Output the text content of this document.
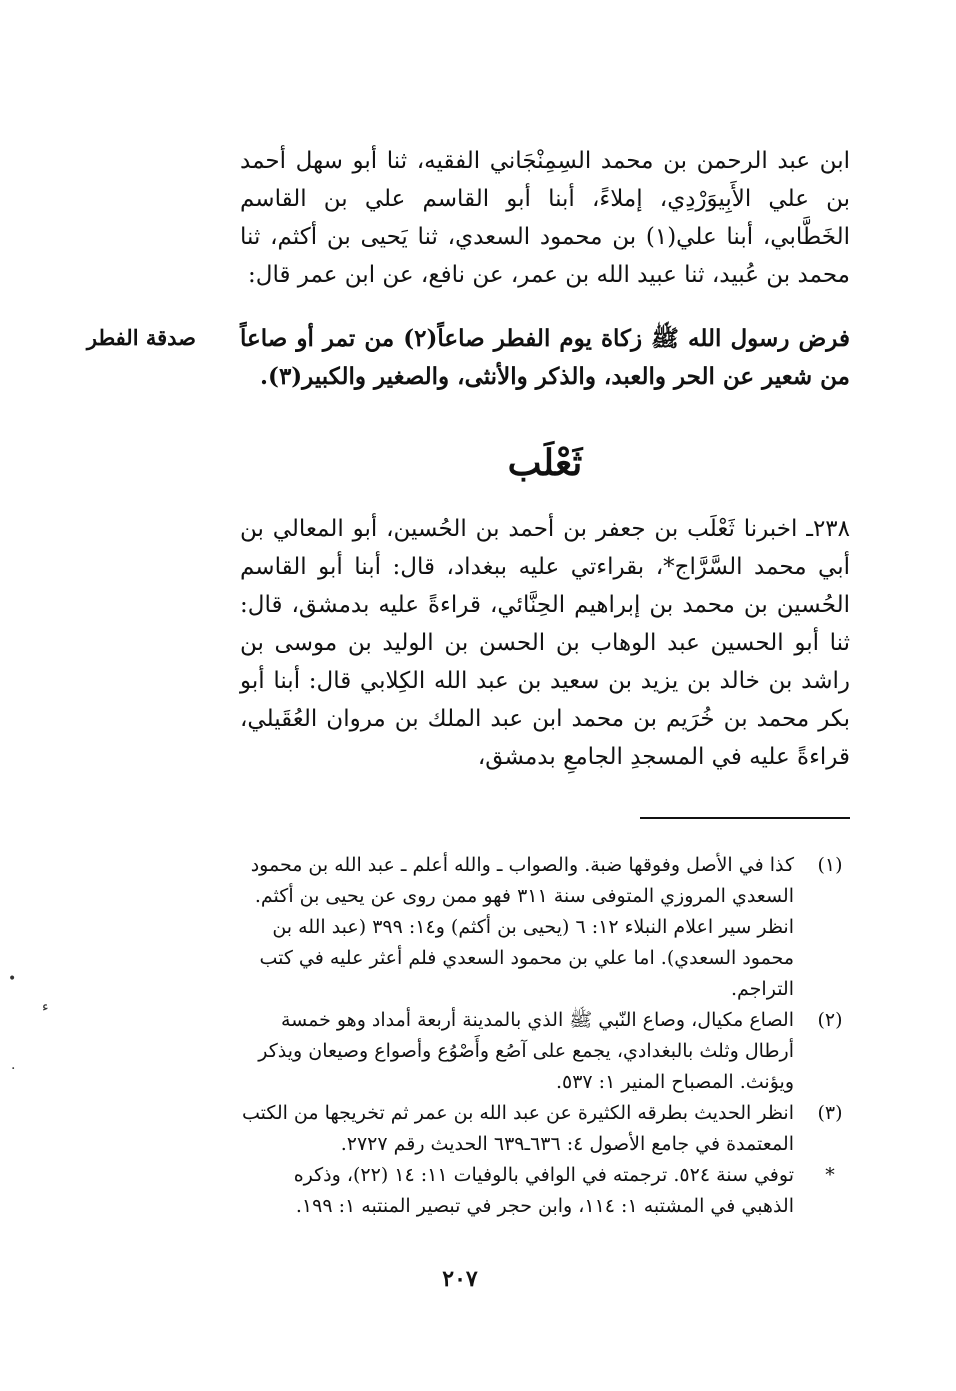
ابن عبد الرحمن بن محمد السِمِنْجَاني الفقيه، ثنا أبو سهل أحمد بن علي الأَبِيوَرْدِي، إملاءً، أبنا أبو القاسم علي بن القاسم الخَطَّابي، أبنا علي(١) بن محمود السعدي، ثنا يَحيى بن أكثم، ثنا محمد بن عُبيد، ثنا عبيد الله بن عمر، عن نافع، عن ابن عمر قال:

صدقة الفطر فرض رسول الله ﷺ زكاة يوم الفطر صاعاً(٢) من تمر أو صاعاً من شعير عن الحر والعبد، والذكر والأنثى، والصغير والكبير(٣).

ثَعْلَب

٢٣٨ـ اخبرنا ثَعْلَب بن جعفر بن أحمد بن الحُسين، أبو المعالي بن أبي محمد السَّرَّاج*، بقراءتي عليه ببغداد، قال: أبنا أبو القاسم الحُسين بن محمد بن إبراهيم الحِنَّائي، قراءةً عليه بدمشق، قال: ثنا أبو الحسين عبد الوهاب بن الحسن بن الوليد بن موسى بن راشد بن خالد بن يزيد بن سعيد بن عبد الله الكِلابي قال: أبنا أبو بكر محمد بن خُرَيم بن محمد ابن عبد الملك بن مروان العُقَيلي، قراءةً عليه في المسجدِ الجامعِ بدمشق،

(١)
كذا في الأصل وفوقها ضبة. والصواب ـ والله أعلم ـ عبد الله بن محمود السعدي المروزي المتوفى سنة ٣١١ فهو ممن روى عن يحيى بن أكثم. انظر سير اعلام النبلاء ١٢: ٦ (يحيى بن أكثم) و١٤: ٣٩٩ (عبد الله بن محمود السعدي). اما علي بن محمود السعدي فلم أعثر عليه في كتب التراجم.

(٢)
الصاع مكيال، وصاع النّبي ﷺ الذي بالمدينة أربعة أمداد وهو خمسة أرطال وثلث بالبغدادي، يجمع على آصُع وأَصْوُع وأصواع وصيعان ويذكر ويؤنث. المصباح المنير ١: ٥٣٧.

(٣)
انظر الحديث بطرقه الكثيرة عن عبد الله بن عمر ثم تخريجها من الكتب المعتمدة في جامع الأصول ٤: ٦٣٦ـ٦٣٩ الحديث رقم ٢٧٢٧.

*
توفي سنة ٥٢٤. ترجمته في الوافي بالوفيات ١١: ١٤ (٢٢)، وذكره الذهبي في المشتبه ١: ١١٤، وابن حجر في تبصير المنتبه ١: ١٩٩.

٢٠٧
•
ء
·
